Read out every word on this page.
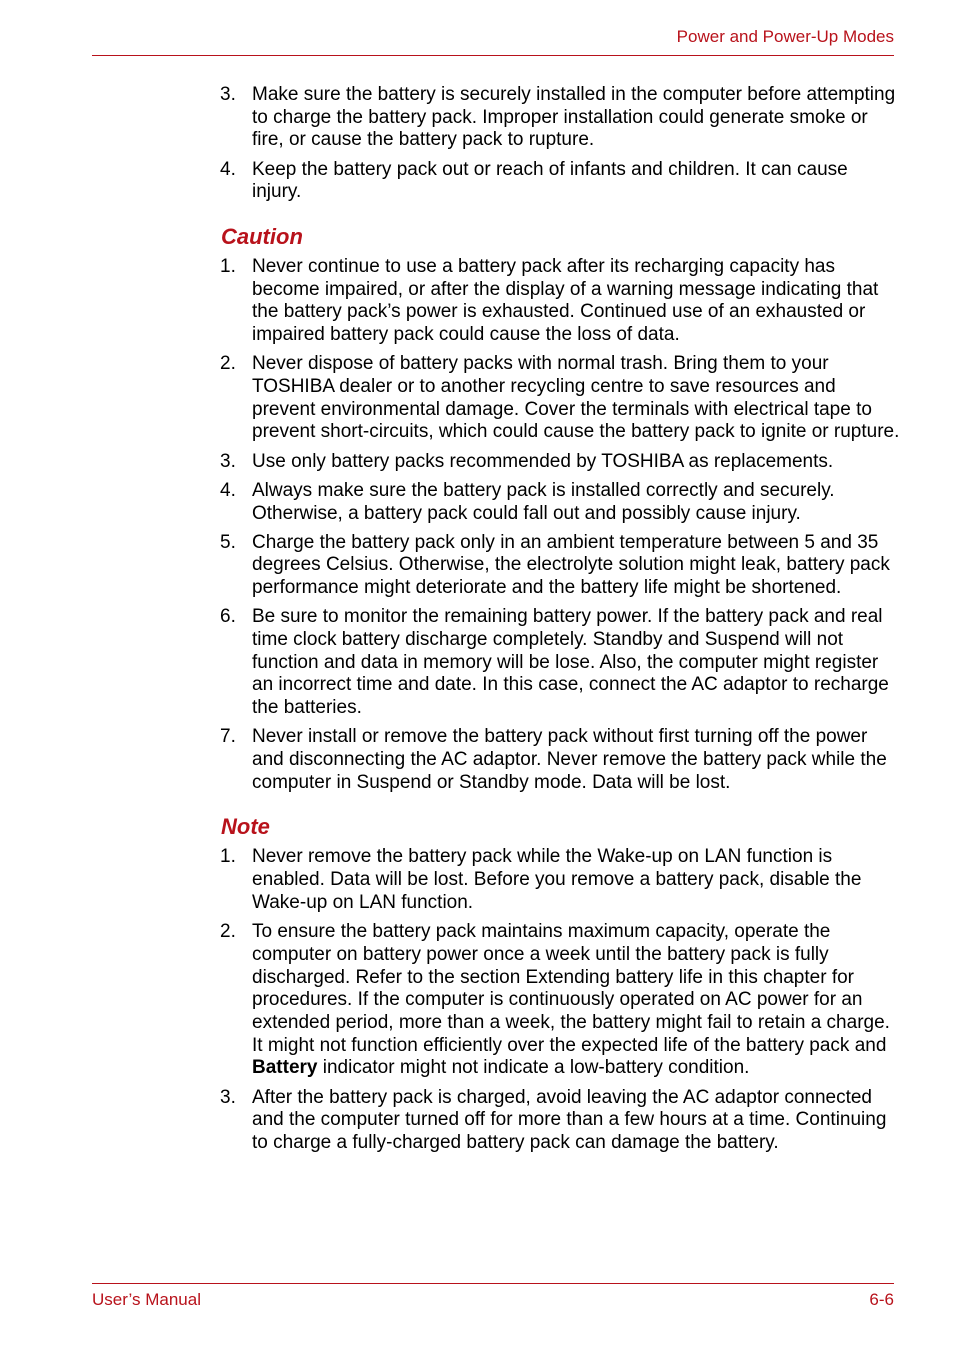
Power and Power-Up Modes
3. Make sure the battery is securely installed in the computer before attempting to charge the battery pack. Improper installation could generate smoke or fire, or cause the battery pack to rupture.
4. Keep the battery pack out or reach of infants and children. It can cause injury.
Caution
1. Never continue to use a battery pack after its recharging capacity has become impaired, or after the display of a warning message indicating that the battery pack’s power is exhausted. Continued use of an exhausted or impaired battery pack could cause the loss of data.
2. Never dispose of battery packs with normal trash. Bring them to your TOSHIBA dealer or to another recycling centre to save resources and prevent environmental damage. Cover the terminals with electrical tape to prevent short-circuits, which could cause the battery pack to ignite or rupture.
3. Use only battery packs recommended by TOSHIBA as replacements.
4. Always make sure the battery pack is installed correctly and securely. Otherwise, a battery pack could fall out and possibly cause injury.
5. Charge the battery pack only in an ambient temperature between 5 and 35 degrees Celsius. Otherwise, the electrolyte solution might leak, battery pack performance might deteriorate and the battery life might be shortened.
6. Be sure to monitor the remaining battery power. If the battery pack and real time clock battery discharge completely. Standby and Suspend will not function and data in memory will be lose. Also, the computer might register an incorrect time and date. In this case, connect the AC adaptor to recharge the batteries.
7. Never install or remove the battery pack without first turning off the power and disconnecting the AC adaptor. Never remove the battery pack while the computer in Suspend or Standby mode. Data will be lost.
Note
1. Never remove the battery pack while the Wake-up on LAN function is enabled. Data will be lost. Before you remove a battery pack, disable the Wake-up on LAN function.
2. To ensure the battery pack maintains maximum capacity, operate the computer on battery power once a week until the battery pack is fully discharged. Refer to the section Extending battery life in this chapter for procedures. If the computer is continuously operated on AC power for an extended period, more than a week, the battery might fail to retain a charge. It might not function efficiently over the expected life of the battery pack and Battery indicator might not indicate a low-battery condition.
3. After the battery pack is charged, avoid leaving the AC adaptor connected and the computer turned off for more than a few hours at a time. Continuing to charge a fully-charged battery pack can damage the battery.
User’s Manual	6-6
